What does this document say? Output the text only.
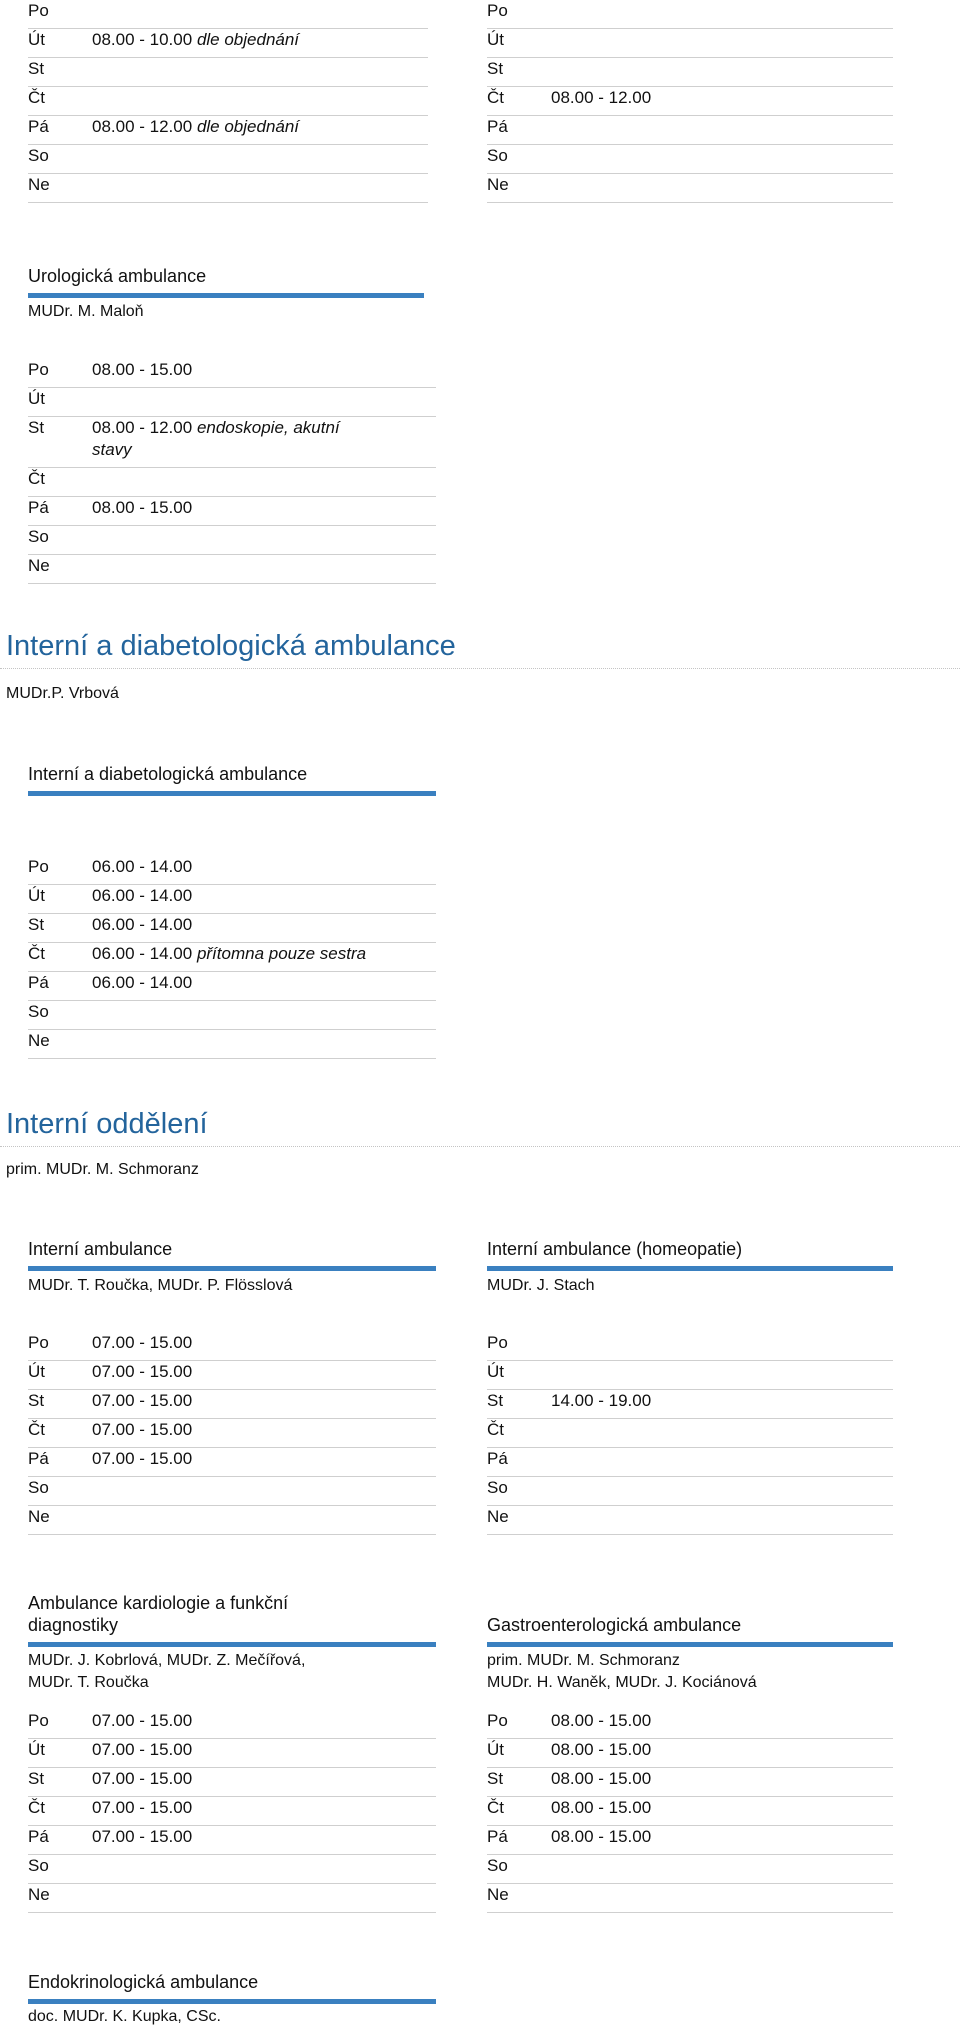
Po
Út	08.00 - 10.00 dle objednání
St
Čt
Pá	08.00 - 12.00 dle objednání
So
Ne
Po
Út
St
Čt	08.00 - 12.00
Pá
So
Ne
Urologická ambulance
MUDr. M. Maloň
Po	08.00 - 15.00
Út
St	08.00 - 12.00 endoskopie, akutní
stavy
Čt
Pá	08.00 - 15.00
So
Ne
Interní a diabetologická ambulance
MUDr.P. Vrbová
Interní a diabetologická ambulance
Po	06.00 - 14.00
Út	06.00 - 14.00
St	06.00 - 14.00
Čt	06.00 - 14.00 přítomna pouze sestra
Pá	06.00 - 14.00
So
Ne
Interní oddělení
prim. MUDr. M. Schmoranz
Interní ambulance
MUDr. T. Roučka, MUDr. P. Flösslová
Po	07.00 - 15.00
Út	07.00 - 15.00
St	07.00 - 15.00
Čt	07.00 - 15.00
Pá	07.00 - 15.00
So
Ne
Interní ambulance (homeopatie)
MUDr. J. Stach
Po
Út
St	14.00 - 19.00
Čt
Pá
So
Ne
Ambulance kardiologie a funkční
diagnostiky
MUDr. J. Kobrlová, MUDr. Z. Mečířová,
MUDr. T. Roučka
Po	07.00 - 15.00
Út	07.00 - 15.00
St	07.00 - 15.00
Čt	07.00 - 15.00
Pá	07.00 - 15.00
So
Ne
Gastroenterologická ambulance
prim. MUDr. M. Schmoranz
MUDr. H. Waněk, MUDr. J. Kociánová
Po	08.00 - 15.00
Út	08.00 - 15.00
St	08.00 - 15.00
Čt	08.00 - 15.00
Pá	08.00 - 15.00
So
Ne
Endokrinologická ambulance
doc. MUDr. K. Kupka, CSc.
